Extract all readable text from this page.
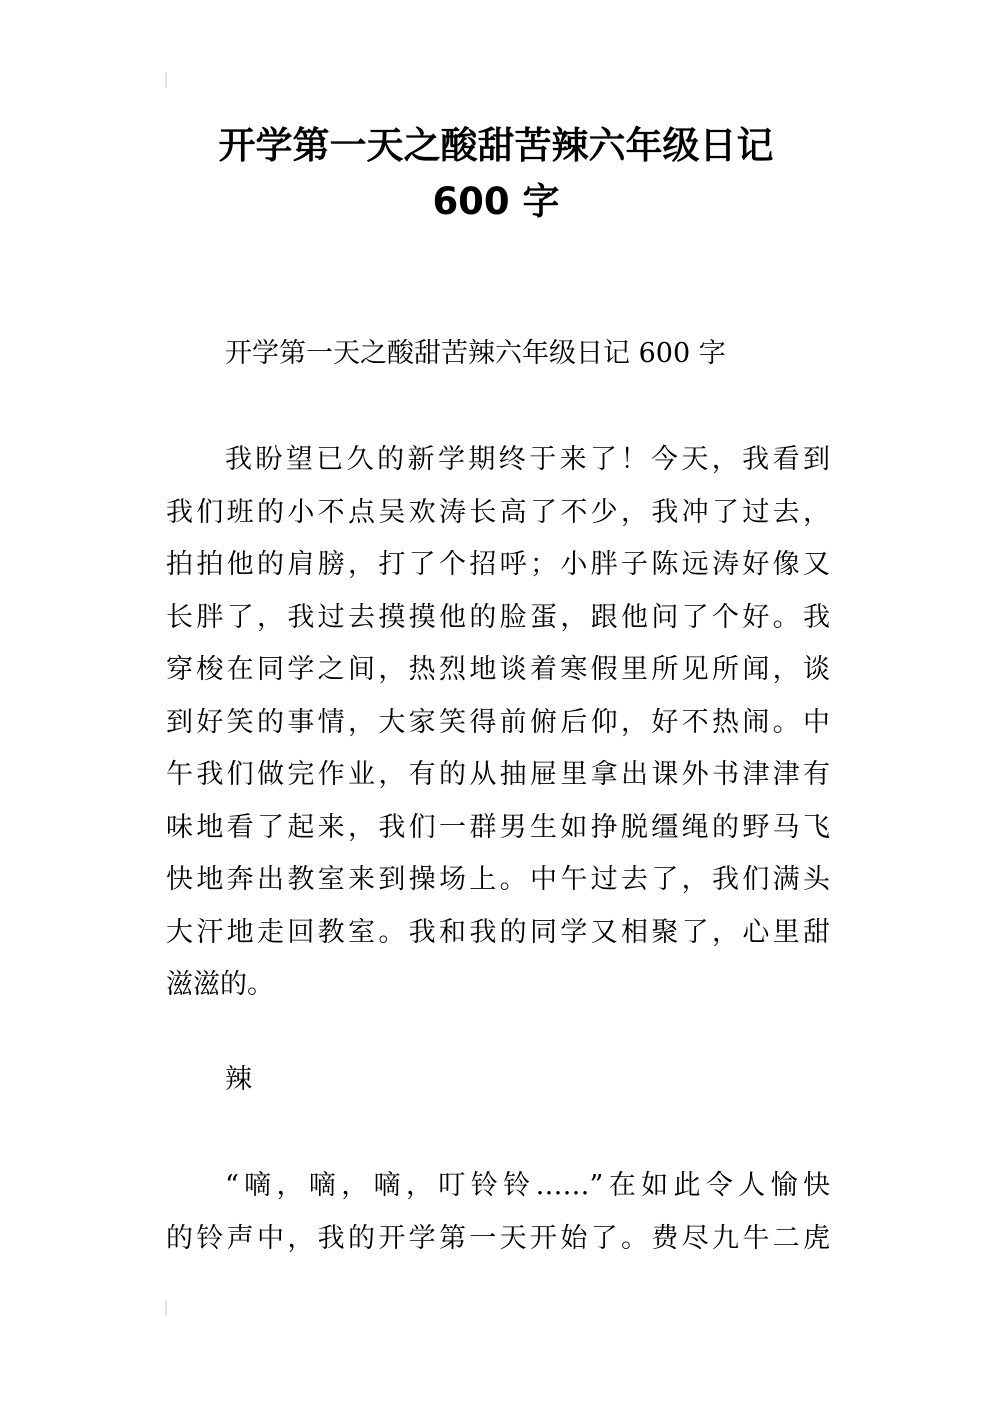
开学第一天之酸甜苦辣六年级日记
600 字
开学第一天之酸甜苦辣六年级日记 600 字
我盼望已久的新学期终于来了！今天，我看到
我们班的小不点吴欢涛长高了不少，我冲了过去，
拍拍他的肩膀，打了个招呼；小胖子陈远涛好像又
长胖了，我过去摸摸他的脸蛋，跟他问了个好。我
穿梭在同学之间，热烈地谈着寒假里所见所闻，谈
到好笑的事情，大家笑得前俯后仰，好不热闹。中
午我们做完作业，有的从抽屉里拿出课外书津津有
味地看了起来，我们一群男生如挣脱缰绳的野马飞
快地奔出教室来到操场上。中午过去了，我们满头
大汗地走回教室。我和我的同学又相聚了，心里甜
滋滋的。
辣
“嘀，嘀，嘀，叮铃铃……”在如此令人愉快
的铃声中，我的开学第一天开始了。费尽九牛二虎
